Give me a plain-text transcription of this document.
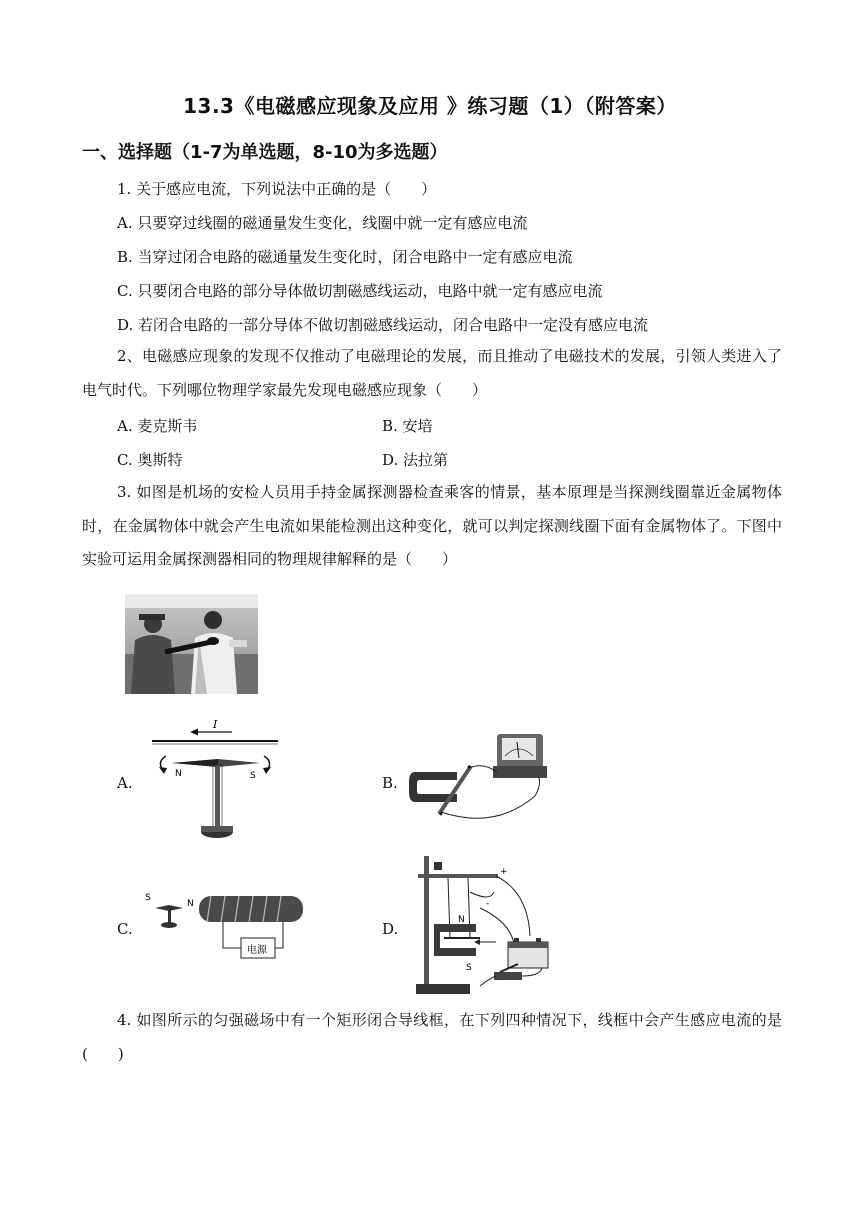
13.3《电磁感应现象及应用 》练习题（1）（附答案）
一、选择题（1-7为单选题，8-10为多选题）
1. 关于感应电流，下列说法中正确的是（　　）
A. 只要穿过线圈的磁通量发生变化，线圈中就一定有感应电流
B. 当穿过闭合电路的磁通量发生变化时，闭合电路中一定有感应电流
C. 只要闭合电路的部分导体做切割磁感线运动，电路中就一定有感应电流
D. 若闭合电路的一部分导体不做切割磁感线运动，闭合电路中一定没有感应电流
2、电磁感应现象的发现不仅推动了电磁理论的发展，而且推动了电磁技术的发展，引领人类进入了电气时代。下列哪位物理学家最先发现电磁感应现象（　　）
A. 麦克斯韦	B. 安培
C. 奥斯特	D. 法拉第
3. 如图是机场的安检人员用手持金属探测器检查乘客的情景，基本原理是当探测线圈靠近金属物体时，在金属物体中就会产生电流如果能检测出这种变化，就可以判定探测线圈下面有金属物体了。下图中实验可运用金属探测器相同的物理规律解释的是（　　）
A.
I
N	S	B.
C.
S
N
电源
D.	N
S
+
-
4. 如图所示的匀强磁场中有一个矩形闭合导线框，在下列四种情况下，线框中会产生感应电流的是(　　)
